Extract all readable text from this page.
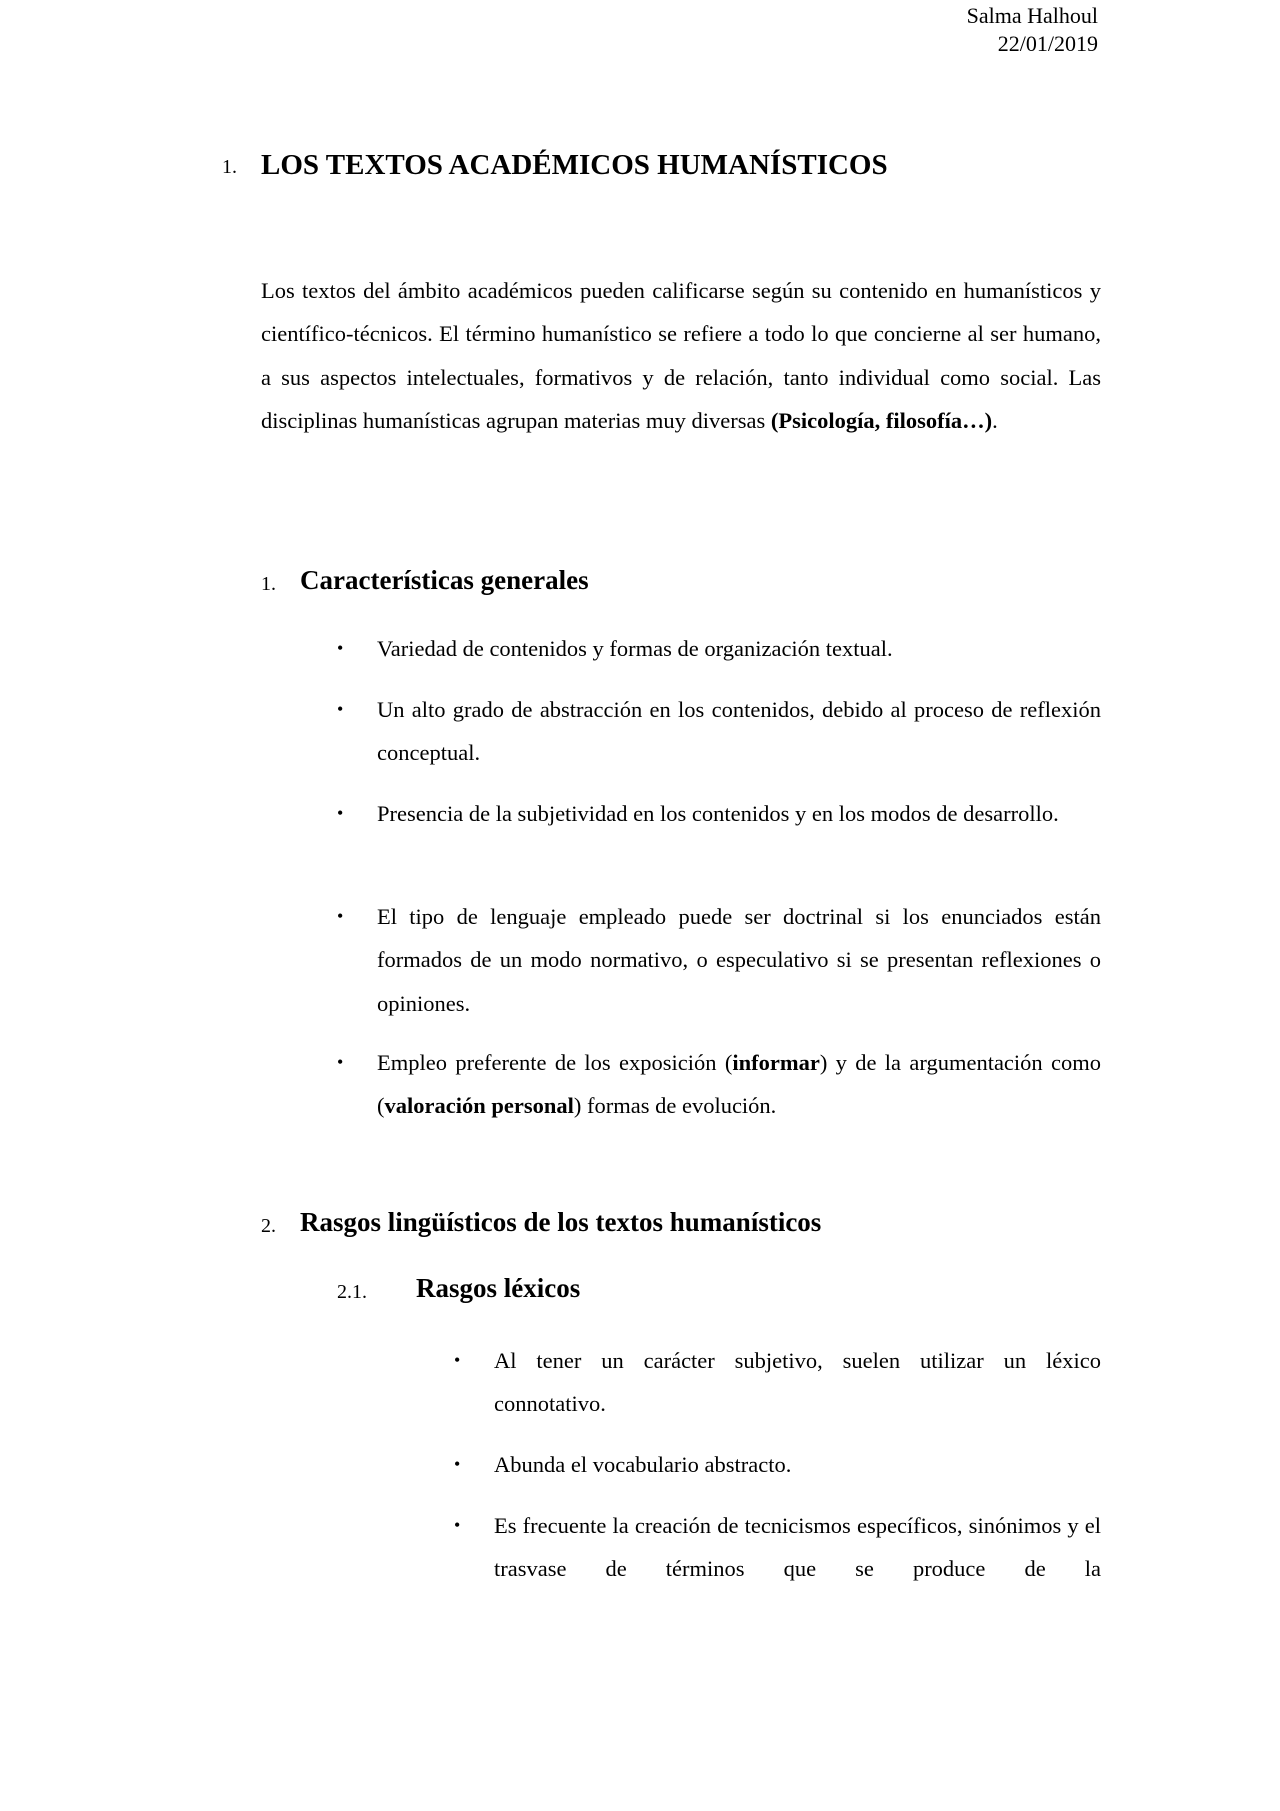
Salma Halhoul
22/01/2019
1. LOS TEXTOS ACADÉMICOS HUMANÍSTICOS
Los textos del ámbito académicos pueden calificarse según su contenido en humanísticos y científico-técnicos. El término humanístico se refiere a todo lo que concierne al ser humano, a sus aspectos intelectuales, formativos y de relación, tanto individual como social. Las disciplinas humanísticas agrupan materias muy diversas (Psicología, filosofía…).
1. Características generales
• Variedad de contenidos y formas de organización textual.
• Un alto grado de abstracción en los contenidos, debido al proceso de reflexión conceptual.
• Presencia de la subjetividad en los contenidos y en los modos de desarrollo.
• El tipo de lenguaje empleado puede ser doctrinal si los enunciados están formados de un modo normativo, o especulativo si se presentan reflexiones o opiniones.
• Empleo preferente de los exposición (informar) y de la argumentación como (valoración personal) formas de evolución.
2. Rasgos lingüísticos de los textos humanísticos
2.1. Rasgos léxicos
• Al tener un carácter subjetivo, suelen utilizar un léxico connotativo.
• Abunda el vocabulario abstracto.
• Es frecuente la creación de tecnicismos específicos, sinónimos y el trasvase de términos que se produce de la
